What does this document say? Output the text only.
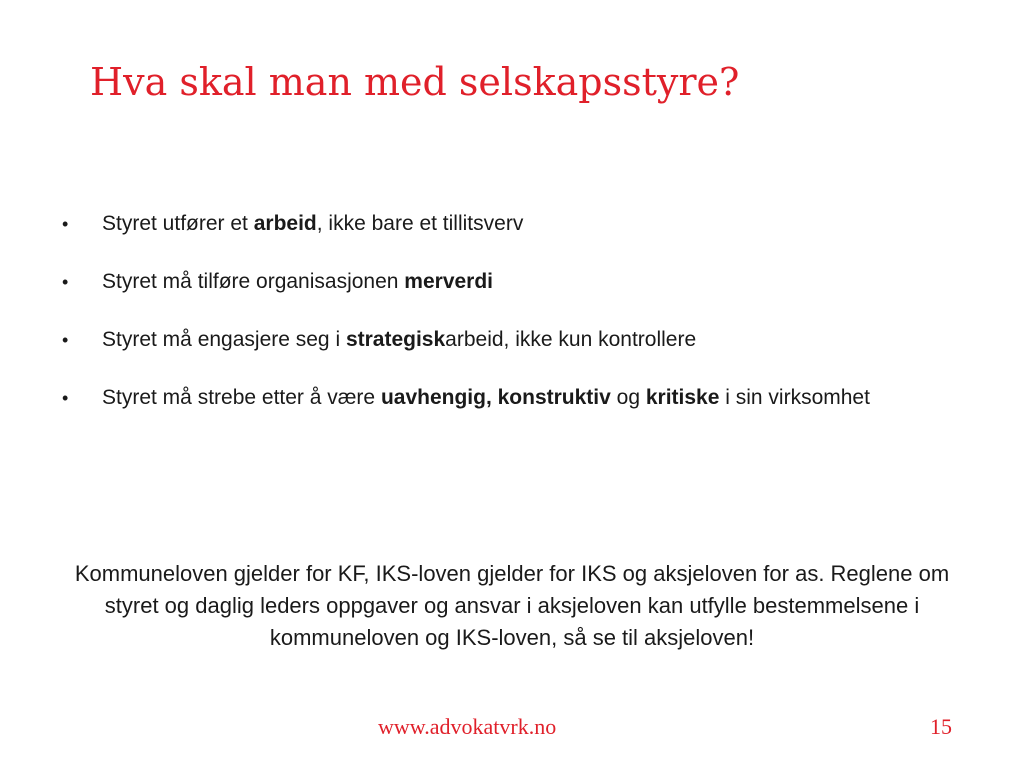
Hva skal man med selskapsstyre?
•	Styret utfører et arbeid, ikke bare et tillitsverv
•	Styret må tilføre organisasjonen merverdi
•	Styret må engasjere seg i strategiskarbeid, ikke kun kontrollere
•	Styret må strebe etter å være uavhengig, konstruktiv og kritiske i sin virksomhet

Kommuneloven gjelder for KF, IKS-loven gjelder for IKS og aksjeloven for as. Reglene om styret og daglig leders oppgaver og ansvar i aksjeloven kan utfylle bestemmelsene i kommuneloven og IKS-loven, så se til aksjeloven!

www.advokatvrk.no	15
